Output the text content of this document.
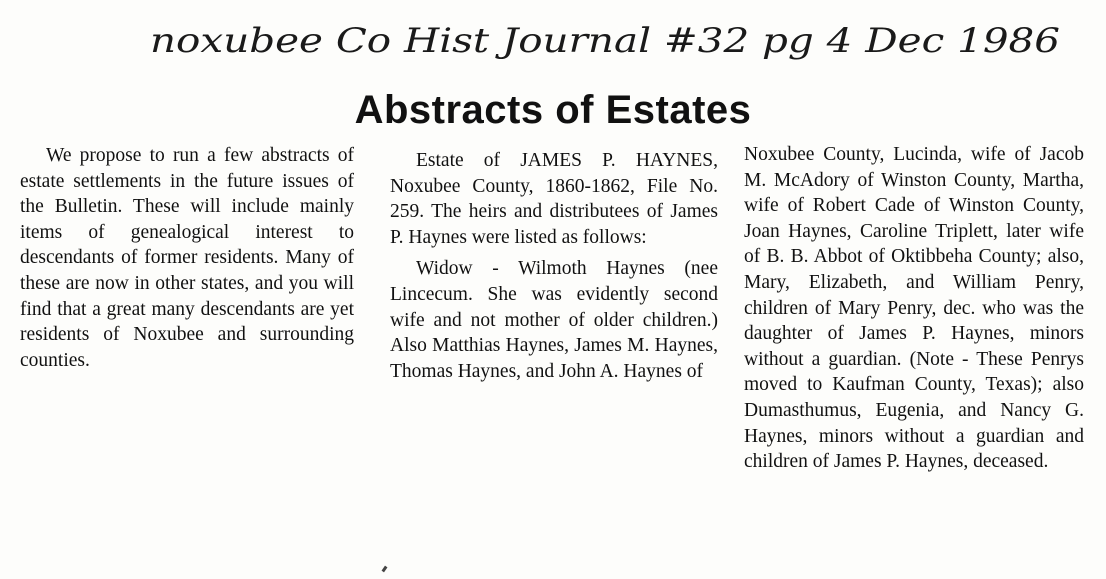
noxubee Co Hist Journal #32 pg 4 Dec 1986
Abstracts of Estates

We propose to run a few abstracts of estate settlements in the future issues of the Bulletin. These will include mainly items of genealogical interest to descendants of former residents. Many of these are now in other states, and you will find that a great many descendants are yet residents of Noxubee and surrounding counties.

Estate of JAMES P. HAYNES, Noxubee County, 1860-1862, File No. 259. The heirs and distributees of James P. Haynes were listed as follows:

Widow - Wilmoth Haynes (nee Lincecum. She was evidently second wife and not mother of older children.) Also Matthias Haynes, James M. Haynes, Thomas Haynes, and John A. Haynes of

Noxubee County, Lucinda, wife of Jacob M. McAdory of Winston County, Martha, wife of Robert Cade of Winston County, Joan Haynes, Caroline Triplett, later wife of B. B. Abbot of Oktibbeha County; also, Mary, Elizabeth, and William Penry, children of Mary Penry, dec. who was the daughter of James P. Haynes, minors without a guardian. (Note - These Penrys moved to Kaufman County, Texas); also Dumasthumus, Eugenia, and Nancy G. Haynes, minors without a guardian and children of James P. Haynes, deceased.
